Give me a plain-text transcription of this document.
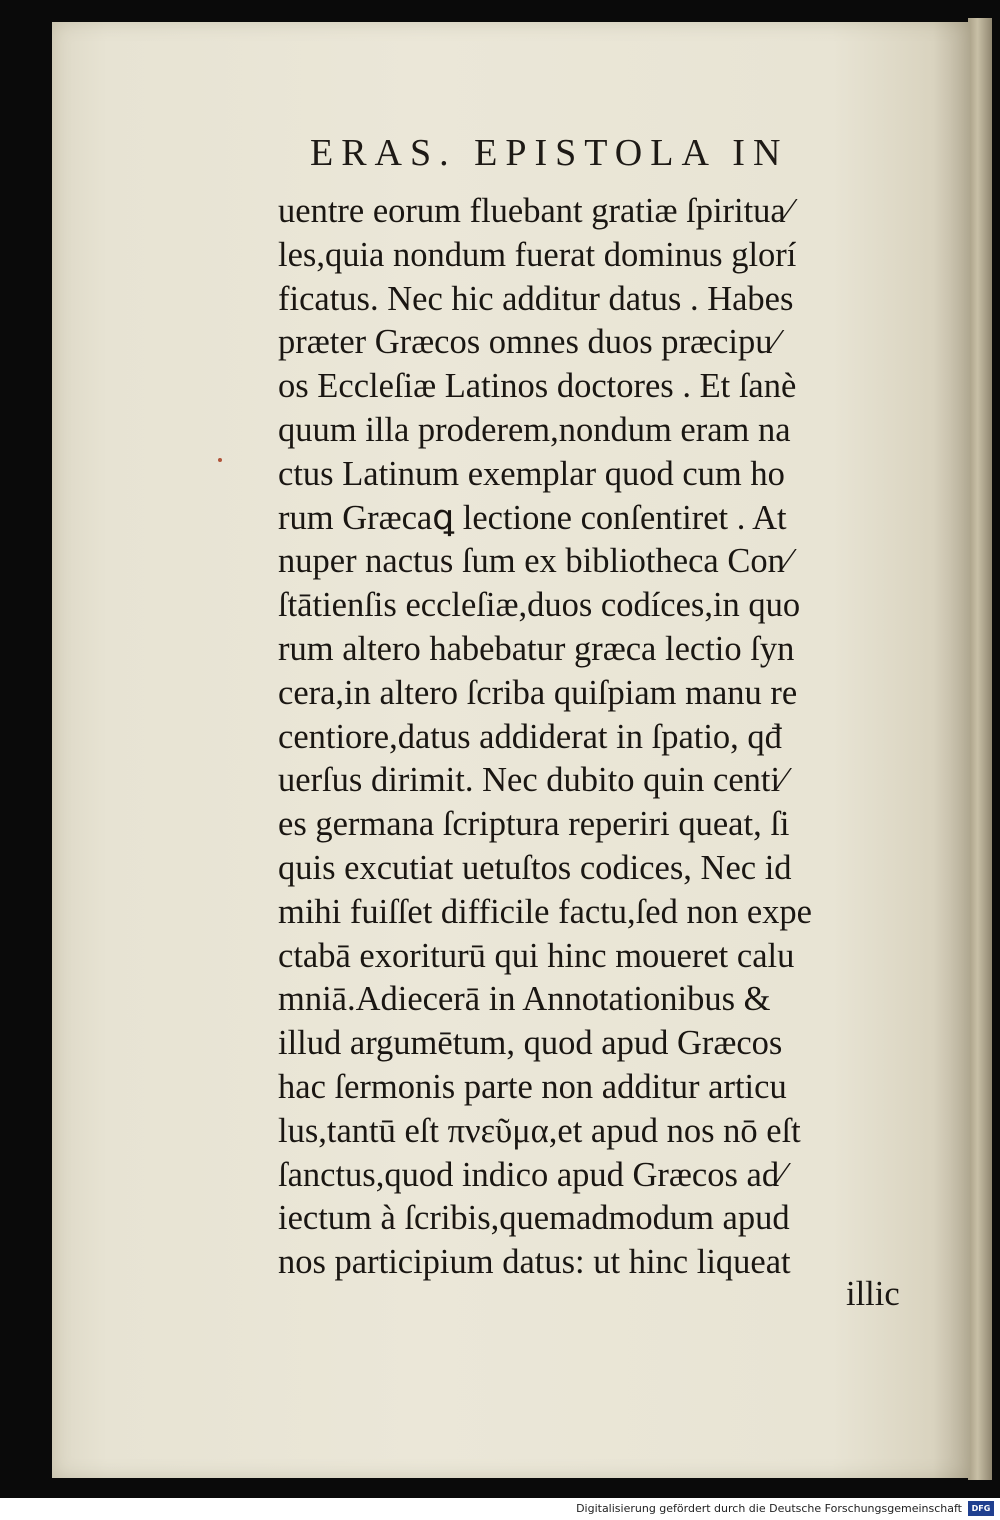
ERAS. EPISTOLA IN
uentre eorum fluebant gratiæ ſpiritua⁄
les,quia nondum fuerat dominus glorí
ficatus. Nec hic additur datus . Habes
præter Græcos omnes duos præcipu⁄
os Eccleſiæ Latinos doctores . Et ſanè
quum illa proderem,nondum eram na
ctus Latinum exemplar quod cum ho
rum Græcaꝗ lectione conſentiret . At
nuper nactus ſum ex bibliotheca Con⁄
ſtātienſis eccleſiæ,duos codíces,in quo
rum altero habebatur græca lectio ſyn
cera,in altero ſcriba quiſpiam manu re
centiore,datus addiderat in ſpatio, qđ
uerſus dirimit. Nec dubito quin centi⁄
es germana ſcriptura reperiri queat, ſi
quis excutiat uetuſtos codices, Nec id
mihi fuiſſet difficile factu,ſed non expe
ctabā exoriturū qui hinc moueret calu
mniā.Adiecerā in Annotationibus &
illud argumētum, quod apud Græcos
hac ſermonis parte non additur articu
lus,tantū eſt πνεῦμα,et apud nos nō eſt
ſanctus,quod indico apud Græcos ad⁄
iectum à ſcribis,quemadmodum apud
nos participium datus: ut hinc liqueat
illic
Digitalisierung gefördert durch die Deutsche Forschungsgemeinschaft	DFG
